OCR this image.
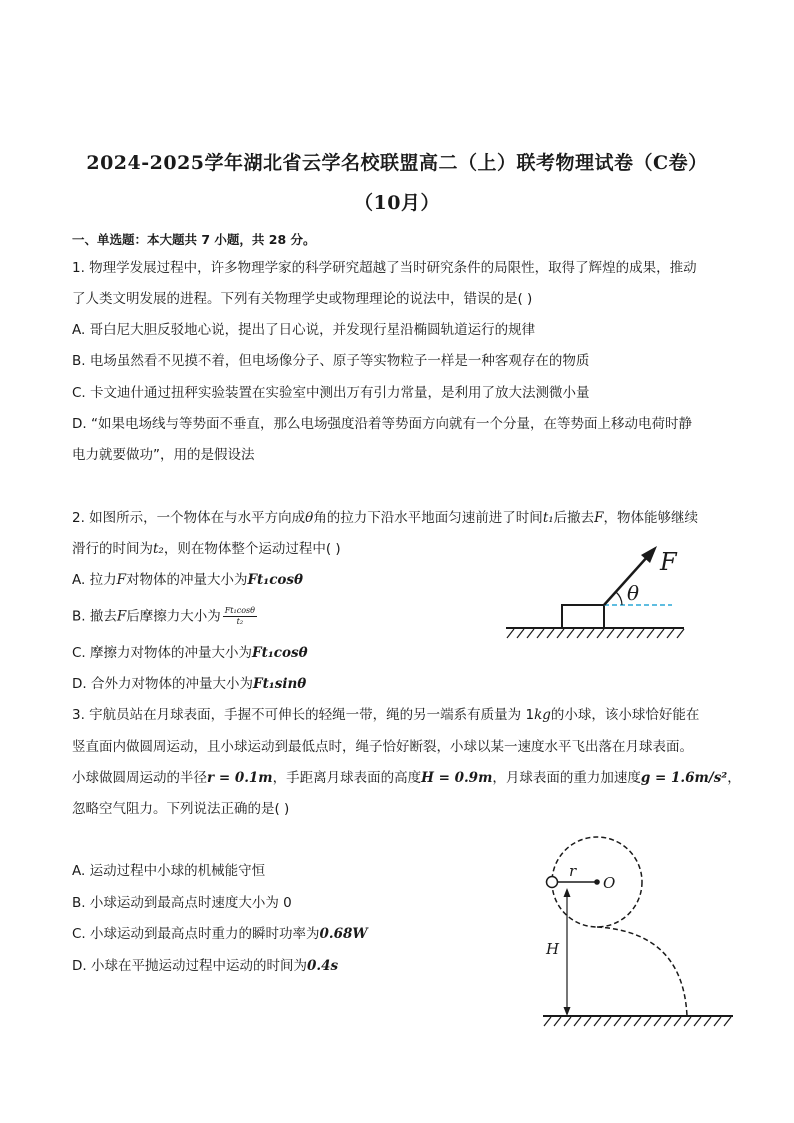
2024-2025学年湖北省云学名校联盟高二（上）联考物理试卷（C卷）
（10月）
一、单选题：本大题共 7 小题，共 28 分。
1. 物理学发展过程中，许多物理学家的科学研究超越了当时研究条件的局限性，取得了辉煌的成果，推动
了人类文明发展的进程。下列有关物理学史或物理理论的说法中，错误的是( )
A. 哥白尼大胆反驳地心说，提出了日心说，并发现行星沿椭圆轨道运行的规律
B. 电场虽然看不见摸不着，但电场像分子、原子等实物粒子一样是一种客观存在的物质
C. 卡文迪什通过扭秤实验装置在实验室中测出万有引力常量，是利用了放大法测微小量
D. “如果电场线与等势面不垂直，那么电场强度沿着等势面方向就有一个分量，在等势面上移动电荷时静
电力就要做功”，用的是假设法
2. 如图所示，一个物体在与水平方向成θ角的拉力下沿水平地面匀速前进了时间t₁后撤去F，物体能够继续
滑行的时间为t₂，则在物体整个运动过程中( )
A. 拉力F对物体的冲量大小为Ft₁cosθ
B. 撤去F后摩擦力大小为 $\frac{\text{Ft₁cosθ}}{\text{t₂}}$
C. 摩擦力对物体的冲量大小为Ft₁cosθ
D. 合外力对物体的冲量大小为Ft₁sinθ
F
θ
3. 宇航员站在月球表面，手握不可伸长的轻绳一带，绳的另一端系有质量为 1kg的小球，该小球恰好能在
竖直面内做圆周运动，且小球运动到最低点时，绳子恰好断裂，小球以某一速度水平飞出落在月球表面。
小球做圆周运动的半径r = 0.1m，手距离月球表面的高度H = 0.9m，月球表面的重力加速度g = 1.6m/s²，
忽略空气阻力。下列说法正确的是( )
A. 运动过程中小球的机械能守恒
B. 小球运动到最高点时速度大小为 0
C. 小球运动到最高点时重力的瞬时功率为0.68W
D. 小球在平抛运动过程中运动的时间为0.4s
r
O
H
